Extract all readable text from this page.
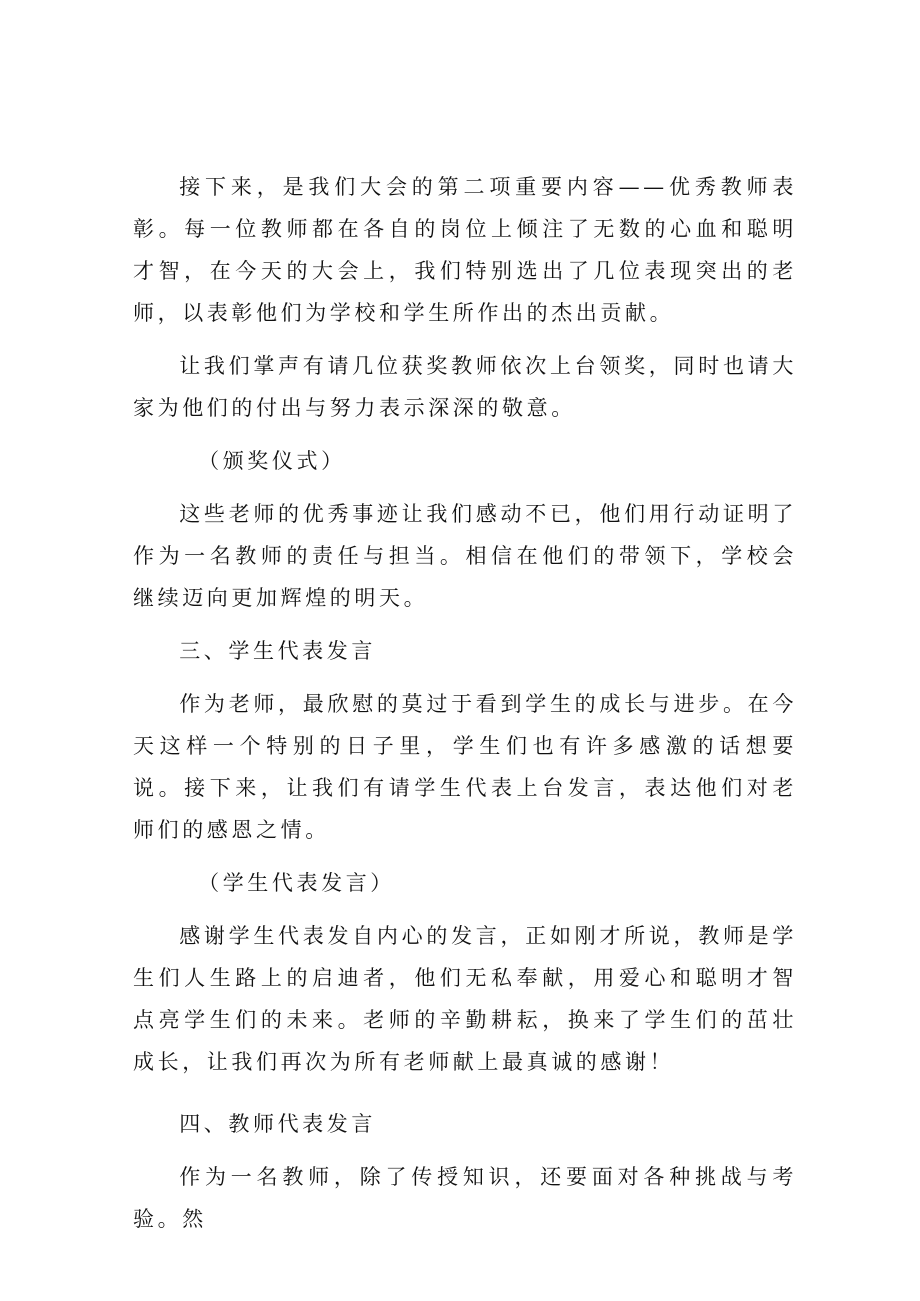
接下来，是我们大会的第二项重要内容——优秀教师表彰。每一位教师都在各自的岗位上倾注了无数的心血和聪明才智，在今天的大会上，我们特别选出了几位表现突出的老师，以表彰他们为学校和学生所作出的杰出贡献。

让我们掌声有请几位获奖教师依次上台领奖，同时也请大家为他们的付出与努力表示深深的敬意。

（颁奖仪式）

这些老师的优秀事迹让我们感动不已，他们用行动证明了作为一名教师的责任与担当。相信在他们的带领下，学校会继续迈向更加辉煌的明天。

三、学生代表发言

作为老师，最欣慰的莫过于看到学生的成长与进步。在今天这样一个特别的日子里，学生们也有许多感激的话想要说。接下来，让我们有请学生代表上台发言，表达他们对老师们的感恩之情。

（学生代表发言）

感谢学生代表发自内心的发言，正如刚才所说，教师是学生们人生路上的启迪者，他们无私奉献，用爱心和聪明才智点亮学生们的未来。老师的辛勤耕耘，换来了学生们的茁壮成长，让我们再次为所有老师献上最真诚的感谢！

四、教师代表发言

作为一名教师，除了传授知识，还要面对各种挑战与考验。然
